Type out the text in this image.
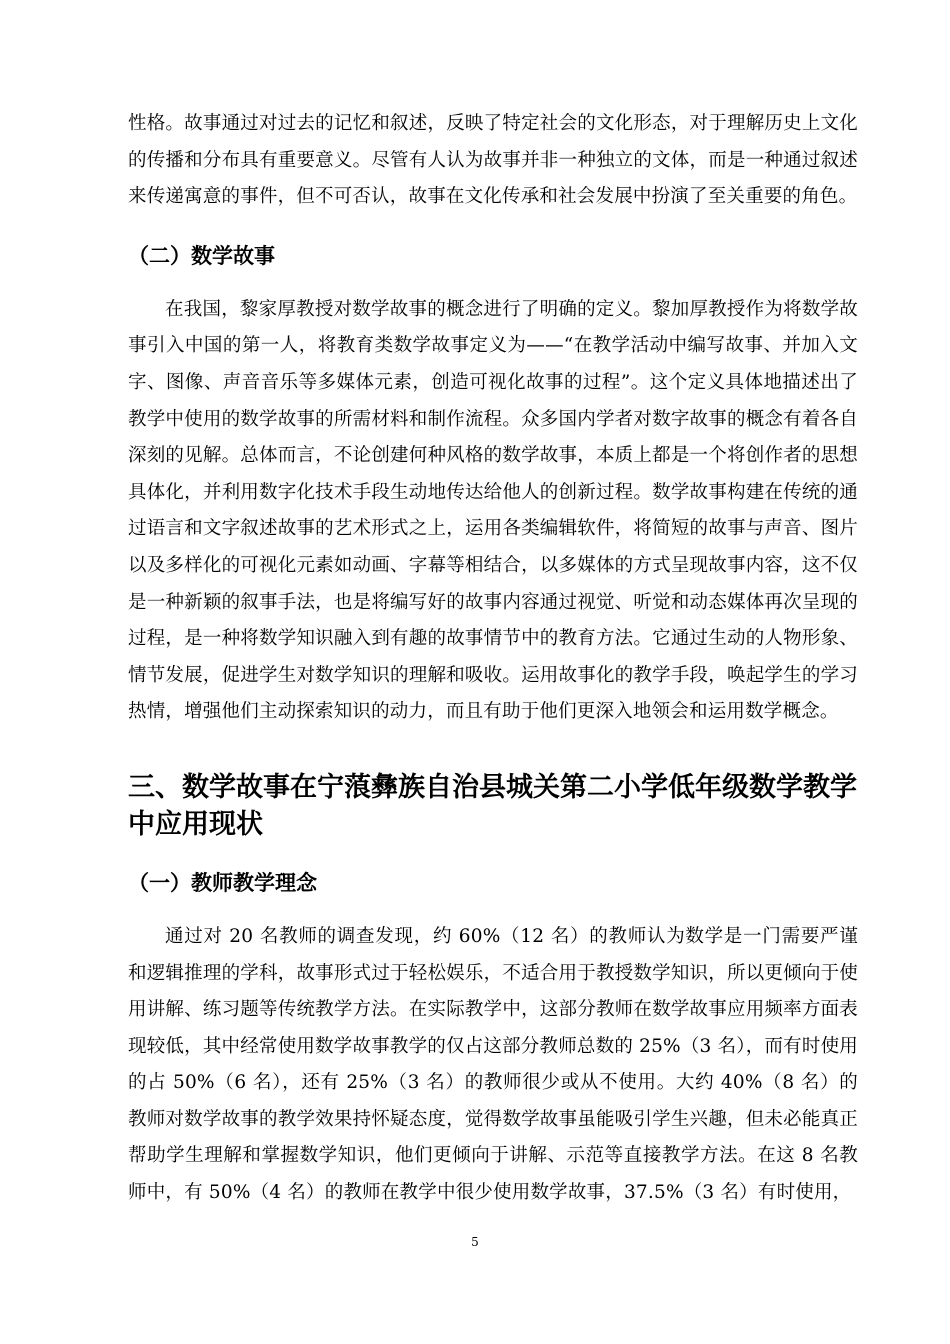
性格。故事通过对过去的记忆和叙述，反映了特定社会的文化形态，对于理解历史上文化的传播和分布具有重要意义。尽管有人认为故事并非一种独立的文体，而是一种通过叙述来传递寓意的事件，但不可否认，故事在文化传承和社会发展中扮演了至关重要的角色。

（二）数学故事

在我国，黎家厚教授对数学故事的概念进行了明确的定义。黎加厚教授作为将数学故事引入中国的第一人，将教育类数学故事定义为——“在教学活动中编写故事、并加入文字、图像、声音音乐等多媒体元素，创造可视化故事的过程”。这个定义具体地描述出了教学中使用的数学故事的所需材料和制作流程。众多国内学者对数字故事的概念有着各自深刻的见解。总体而言，不论创建何种风格的数学故事，本质上都是一个将创作者的思想具体化，并利用数字化技术手段生动地传达给他人的创新过程。数学故事构建在传统的通过语言和文字叙述故事的艺术形式之上，运用各类编辑软件，将简短的故事与声音、图片以及多样化的可视化元素如动画、字幕等相结合，以多媒体的方式呈现故事内容，这不仅是一种新颖的叙事手法，也是将编写好的故事内容通过视觉、听觉和动态媒体再次呈现的过程，是一种将数学知识融入到有趣的故事情节中的教育方法。它通过生动的人物形象、情节发展，促进学生对数学知识的理解和吸收。运用故事化的教学手段，唤起学生的学习热情，增强他们主动探索知识的动力，而且有助于他们更深入地领会和运用数学概念。

三、数学故事在宁蒗彝族自治县城关第二小学低年级数学教学中应用现状
（一）教师教学理念

通过对 20 名教师的调查发现，约 60%（12 名）的教师认为数学是一门需要严谨和逻辑推理的学科，故事形式过于轻松娱乐，不适合用于教授数学知识，所以更倾向于使用讲解、练习题等传统教学方法。在实际教学中，这部分教师在数学故事应用频率方面表现较低，其中经常使用数学故事教学的仅占这部分教师总数的 25%（3 名），而有时使用的占 50%（6 名），还有 25%（3 名）的教师很少或从不使用。大约 40%（8 名）的教师对数学故事的教学效果持怀疑态度，觉得数学故事虽能吸引学生兴趣，但未必能真正帮助学生理解和掌握数学知识，他们更倾向于讲解、示范等直接教学方法。在这 8 名教师中，有 50%（4 名）的教师在教学中很少使用数学故事，37.5%（3 名）有时使用，

5
